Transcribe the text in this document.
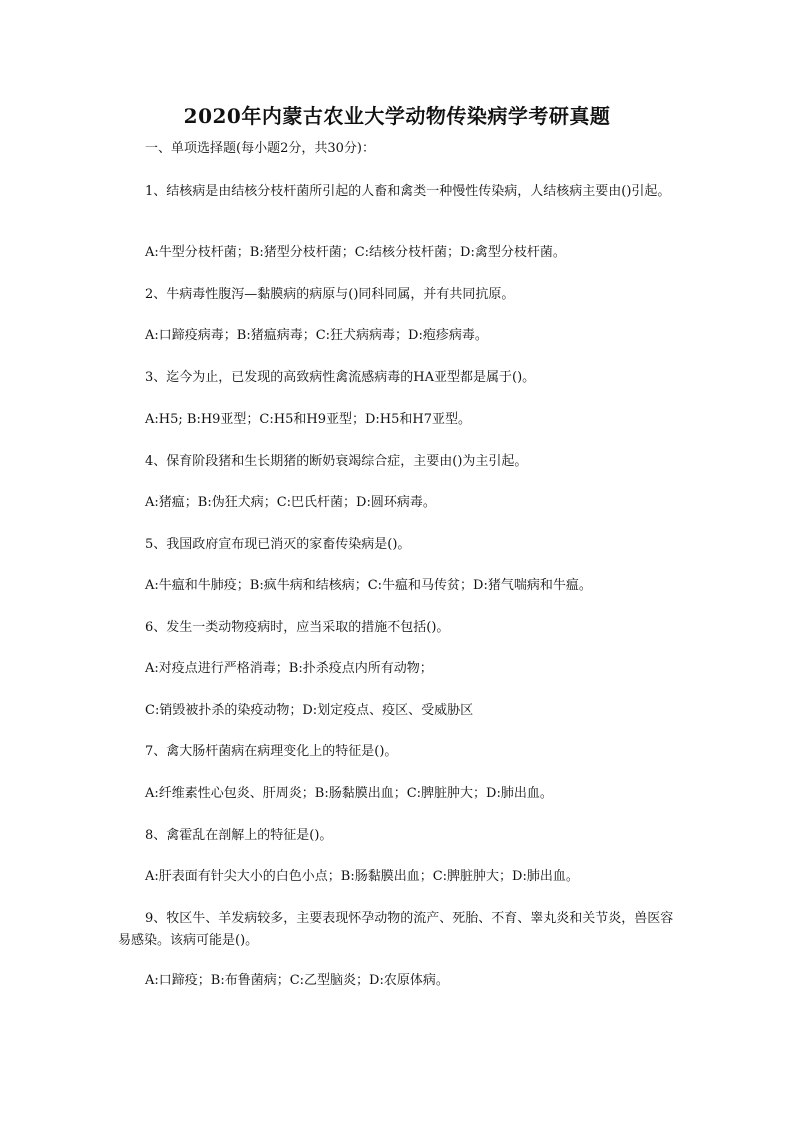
2020年内蒙古农业大学动物传染病学考研真题
一、单项选择题(每小题2分，共30分)：
1、结核病是由结核分枝杆菌所引起的人畜和禽类一种慢性传染病，人结核病主要由()引起。
A:牛型分枝杆菌；B:猪型分枝杆菌；C:结核分枝杆菌；D:禽型分枝杆菌。
2、牛病毒性腹泻—黏膜病的病原与()同科同属，并有共同抗原。
A:口蹄疫病毒；B:猪瘟病毒；C:狂犬病病毒；D:疱疹病毒。
3、迄今为止，已发现的高致病性禽流感病毒的HA亚型都是属于()。
A:H5; B:H9亚型；C:H5和H9亚型；D:H5和H7亚型。
4、保育阶段猪和生长期猪的断奶衰竭综合症，主要由()为主引起。
A:猪瘟；B:伪狂犬病；C:巴氏杆菌；D:圆环病毒。
5、我国政府宣布现已消灭的家畜传染病是()。
A:牛瘟和牛肺疫；B:疯牛病和结核病；C:牛瘟和马传贫；D:猪气喘病和牛瘟。
6、发生一类动物疫病时，应当采取的措施不包括()。
A:对疫点进行严格消毒；B:扑杀疫点内所有动物；
C:销毁被扑杀的染疫动物；D:划定疫点、疫区、受威胁区
7、禽大肠杆菌病在病理变化上的特征是()。
A:纤维素性心包炎、肝周炎；B:肠黏膜出血；C:脾脏肿大；D:肺出血。
8、禽霍乱在剖解上的特征是()。
A:肝表面有针尖大小的白色小点；B:肠黏膜出血；C:脾脏肿大；D:肺出血。
9、牧区牛、羊发病较多，主要表现怀孕动物的流产、死胎、不育、睾丸炎和关节炎，兽医容易感染。该病可能是()。
A:口蹄疫；B:布鲁菌病；C:乙型脑炎；D:农原体病。
